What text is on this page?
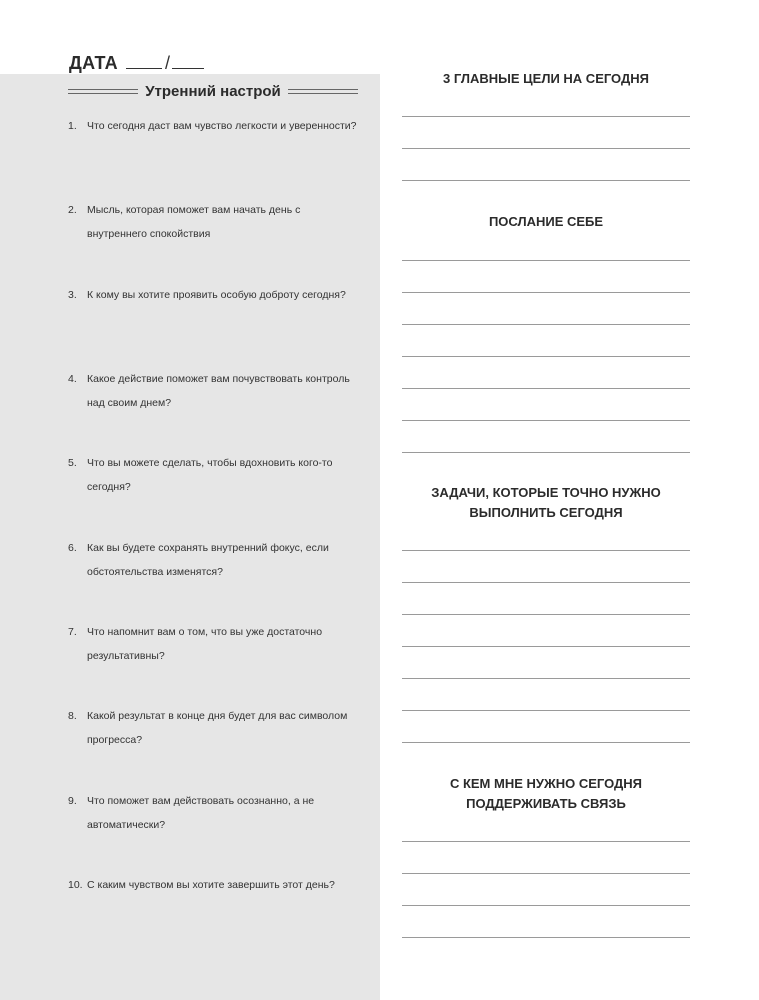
ДАТА	/
Утренний настрой
1. Что сегодня даст вам чувство легкости и уверенности?
2. Мысль, которая поможет вам начать день с внутреннего спокойствия
3. К кому вы хотите проявить особую доброту сегодня?
4. Какое действие поможет вам почувствовать контроль над своим днем?
5. Что вы можете сделать, чтобы вдохновить кого-то сегодня?
6. Как вы будете сохранять внутренний фокус, если обстоятельства изменятся?
7. Что напомнит вам о том, что вы уже достаточно результативны?
8. Какой результат в конце дня будет для вас символом прогресса?
9. Что поможет вам действовать осознанно, а не автоматически?
10. С каким чувством вы хотите завершить этот день?
3 ГЛАВНЫЕ ЦЕЛИ НА СЕГОДНЯ
ПОСЛАНИЕ СЕБЕ
ЗАДАЧИ, КОТОРЫЕ ТОЧНО НУЖНО
ВЫПОЛНИТЬ СЕГОДНЯ
С КЕМ МНЕ НУЖНО СЕГОДНЯ
ПОДДЕРЖИВАТЬ СВЯЗЬ
